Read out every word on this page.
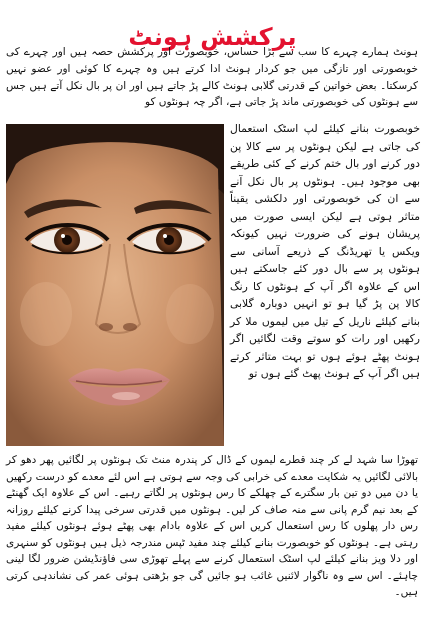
پرکشش ہونٹ

ہونٹ ہمارے چہرے کا سب سے بڑا حساس، خوبصورت اور پرکشش حصہ ہیں اور چہرے کی خوبصورتی اور تازگی میں جو کردار ہونٹ ادا کرتے ہیں وہ چہرے کا کوئی اور عضو نہیں کرسکتا۔ بعض خواتین کے قدرتی گلابی ہونٹ کالے پڑ جاتے ہیں اور ان پر بال نکل آتے ہیں جس سے ہونٹوں کی خوبصورتی ماند پڑ جاتی ہے، اگر چہ ہونٹوں کو

خوبصورت بنانے کیلئے لپ اسٹک استعمال کی جاتی ہے لیکن ہونٹوں پر سے کالا پن دور کرنے اور بال ختم کرنے کے کئی طریقے بھی موجود ہیں۔ ہونٹوں پر بال نکل آنے سے ان کی خوبصورتی اور دلکشی یقیناً متاثر ہوتی ہے لیکن ایسی صورت میں پریشان ہونے کی ضرورت نہیں کیونکہ ویکس یا تھریڈنگ کے ذریعے آسانی سے ہونٹوں پر سے بال دور کئے جاسکتے ہیں اس کے علاوہ اگر آپ کے ہونٹوں کا رنگ کالا پن پڑ گیا ہو تو انہیں دوبارہ گلابی بنانے کیلئے ناریل کے تیل میں لیموں ملا کر رکھیں اور رات کو سوتے وقت لگائیں اگر ہونٹ پھٹے ہوئے ہوں تو بہت متاثر کرتے ہیں اگر آپ کے ہونٹ پھٹ گئے ہوں تو

تھوڑا سا شہد لے کر چند قطرے لیموں کے ڈال کر پندرہ منٹ تک ہونٹوں پر لگائیں پھر دھو کر بالائی لگائیں یہ شکایت معدے کی خرابی کی وجہ سے ہوتی ہے اس لئے معدے کو درست رکھیں یا دن میں دو تین بار سگترے کے چھلکے کا رس ہونٹوں پر لگاتے رہیے۔ اس کے علاوہ ایک گھنٹے کے بعد نیم گرم پانی سے منہ صاف کر لیں۔ ہونٹوں میں قدرتی سرخی پیدا کرنے کیلئے روزانہ رس دار پھلوں کا رس استعمال کریں اس کے علاوہ بادام بھی پھٹے ہوئے ہونٹوں کیلئے مفید رہتی ہے۔ ہونٹوں کو خوبصورت بنانے کیلئے چند مفید ٹپس مندرجہ ذیل ہیں ہونٹوں کو سنہری اور دلا ویز بنانے کیلئے لپ اسٹک استعمال کرنے سے پہلے تھوڑی سی فاؤنڈیشن ضرور لگا لینی چاہئے۔ اس سے وہ ناگوار لائنیں غائب ہو جائیں گی جو بڑھتی ہوئی عمر کی نشاندہی کرتی ہیں۔
